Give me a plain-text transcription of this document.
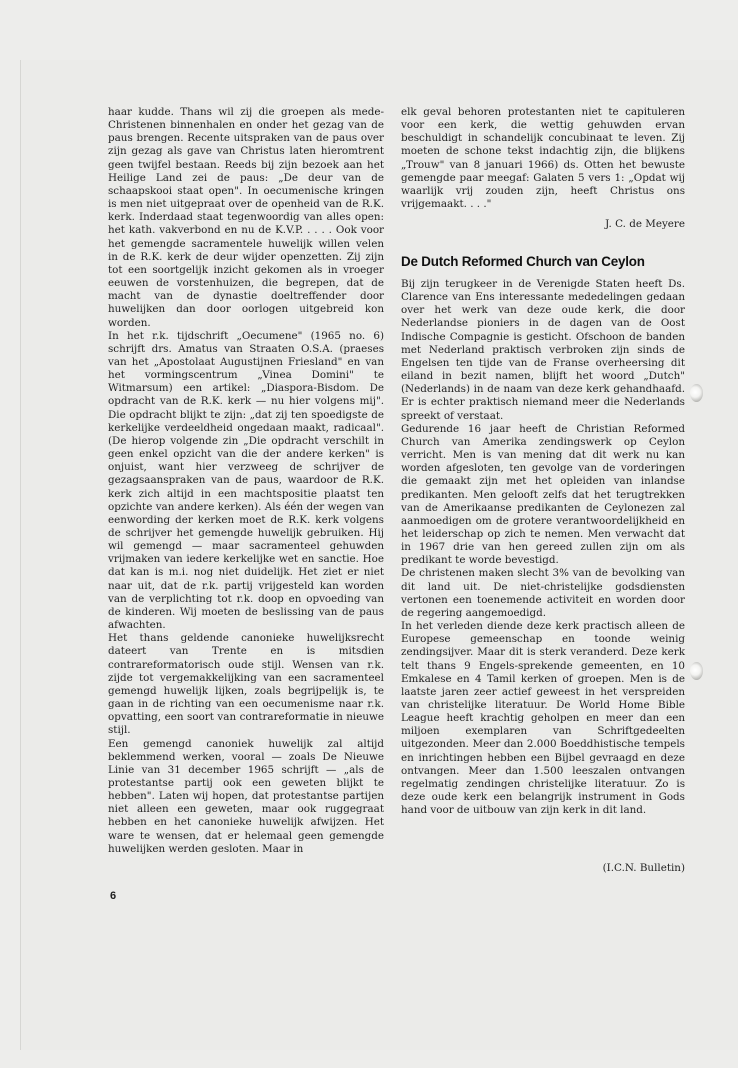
haar kudde. Thans wil zij die groepen als mede-Christenen binnenhalen en onder het gezag van de paus brengen. Recente uitspraken van de paus over zijn gezag als gave van Christus laten hieromtrent geen twijfel bestaan. Reeds bij zijn bezoek aan het Heilige Land zei de paus: „De deur van de schaapskooi staat open". In oecumenische kringen is men niet uitgepraat over de openheid van de R.K. kerk. Inderdaad staat tegenwoordig van alles open: het kath. vakverbond en nu de K.V.P. . . . . Ook voor het gemengde sacramentele huwelijk willen velen in de R.K. kerk de deur wijder openzetten. Zij zijn tot een soortgelijk inzicht gekomen als in vroeger eeuwen de vorstenhuizen, die begrepen, dat de macht van de dynastie doeltreffender door huwelijken dan door oorlogen uitgebreid kon worden.

In het r.k. tijdschrift „Oecumene" (1965 no. 6) schrijft drs. Amatus van Straaten O.S.A. (praeses van het „Apostolaat Augustijnen Friesland" en van het vormingscentrum „Vinea Domini" te Witmarsum) een artikel: „Diaspora-Bisdom. De opdracht van de R.K. kerk — nu hier volgens mij". Die opdracht blijkt te zijn: „dat zij ten spoedigste de kerkelijke verdeeldheid ongedaan maakt, radicaal". (De hierop volgende zin „Die opdracht verschilt in geen enkel opzicht van die der andere kerken" is onjuist, want hier verzweeg de schrijver de gezagsaanspraken van de paus, waardoor de R.K. kerk zich altijd in een machtspositie plaatst ten opzichte van andere kerken). Als één der wegen van eenwording der kerken moet de R.K. kerk volgens de schrijver het gemengde huwelijk gebruiken. Hij wil gemengd — maar sacramenteel gehuwden vrijmaken van iedere kerkelijke wet en sanctie. Hoe dat kan is m.i. nog niet duidelijk. Het ziet er niet naar uit, dat de r.k. partij vrijgesteld kan worden van de verplichting tot r.k. doop en opvoeding van de kinderen. Wij moeten de beslissing van de paus afwachten.

Het thans geldende canonieke huwelijksrecht dateert van Trente en is mitsdien contrareformatorisch oude stijl. Wensen van r.k. zijde tot vergemakkelijking van een sacramenteel gemengd huwelijk lijken, zoals begrijpelijk is, te gaan in de richting van een oecumenisme naar r.k. opvatting, een soort van contrareformatie in nieuwe stijl.

Een gemengd canoniek huwelijk zal altijd beklemmend werken, vooral — zoals De Nieuwe Linie van 31 december 1965 schrijft — „als de protestantse partij ook een geweten blijkt te hebben". Laten wij hopen, dat protestantse partijen niet alleen een geweten, maar ook ruggegraat hebben en het canonieke huwelijk afwijzen. Het ware te wensen, dat er helemaal geen gemengde huwelijken werden gesloten. Maar in

elk geval behoren protestanten niet te capituleren voor een kerk, die wettig gehuwden ervan beschuldigt in schandelijk concubinaat te leven. Zij moeten de schone tekst indachtig zijn, die blijkens „Trouw" van 8 januari 1966) ds. Otten het bewuste gemengde paar meegaf: Galaten 5 vers 1: „Opdat wij waarlijk vrij zouden zijn, heeft Christus ons vrijgemaakt. . . ."

J. C. de Meyere
De Dutch Reformed Church van Ceylon

Bij zijn terugkeer in de Verenigde Staten heeft Ds. Clarence van Ens interessante mededelingen gedaan over het werk van deze oude kerk, die door Nederlandse pioniers in de dagen van de Oost Indische Compagnie is gesticht. Ofschoon de banden met Nederland praktisch verbroken zijn sinds de Engelsen ten tijde van de Franse overheersing dit eiland in bezit namen, blijft het woord „Dutch" (Nederlands) in de naam van deze kerk gehandhaafd. Er is echter praktisch niemand meer die Nederlands spreekt of verstaat.

Gedurende 16 jaar heeft de Christian Reformed Church van Amerika zendingswerk op Ceylon verricht. Men is van mening dat dit werk nu kan worden afgesloten, ten gevolge van de vorderingen die gemaakt zijn met het opleiden van inlandse predikanten. Men gelooft zelfs dat het terugtrekken van de Amerikaanse predikanten de Ceylonezen zal aanmoedigen om de grotere verantwoordelijkheid en het leiderschap op zich te nemen. Men verwacht dat in 1967 drie van hen gereed zullen zijn om als predikant te worde bevestigd.

De christenen maken slecht 3% van de bevolking van dit land uit. De niet-christelijke godsdiensten vertonen een toenemende activiteit en worden door de regering aangemoedigd.

In het verleden diende deze kerk practisch alleen de Europese gemeenschap en toonde weinig zendingsijver. Maar dit is sterk veranderd. Deze kerk telt thans 9 Engels-sprekende gemeenten, en 10 Emkalese en 4 Tamil kerken of groepen. Men is de laatste jaren zeer actief geweest in het verspreiden van christelijke literatuur. De World Home Bible League heeft krachtig geholpen en meer dan een miljoen exemplaren van Schriftgedeelten uitgezonden. Meer dan 2.000 Boeddhistische tempels en inrichtingen hebben een Bijbel gevraagd en deze ontvangen. Meer dan 1.500 leeszalen ontvangen regelmatig zendingen christelijke literatuur. Zo is deze oude kerk een belangrijk instrument in Gods hand voor de uitbouw van zijn kerk in dit land.

(I.C.N. Bulletin)
6
